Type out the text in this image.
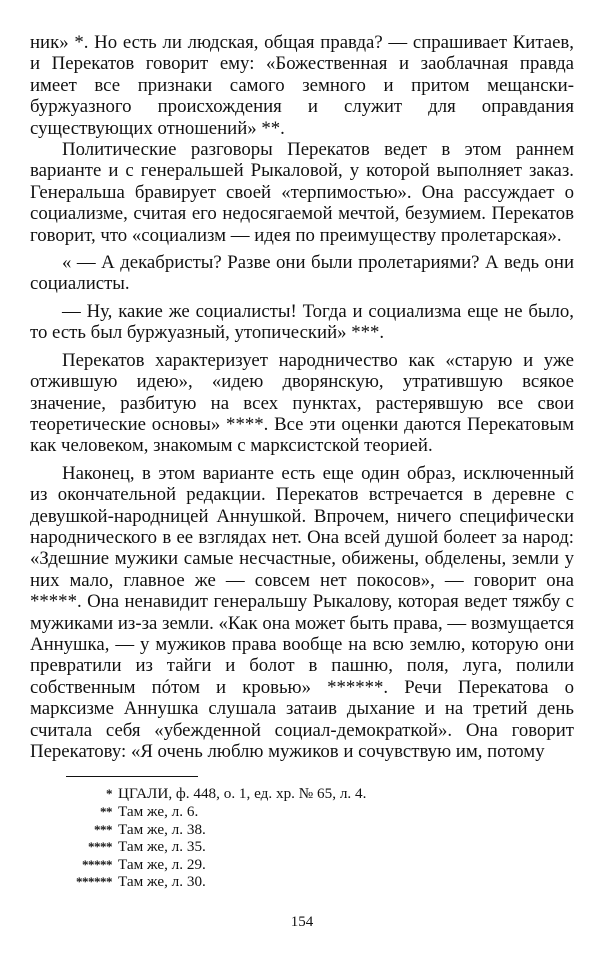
ник» *. Но есть ли людская, общая правда? — спрашивает Китаев, и Перекатов говорит ему: «Божественная и заоблачная правда имеет все признаки самого земного и притом мещански-буржуазного происхождения и служит для оправдания существующих отношений» **.

Политические разговоры Перекатов ведет в этом раннем варианте и с генеральшей Рыкаловой, у которой выполняет заказ. Генеральша бравирует своей «терпимостью». Она рассуждает о социализме, считая его недосягаемой мечтой, безумием. Перекатов говорит, что «социализм — идея по преимуществу пролетарская».

« — А декабристы? Разве они были пролетариями? А ведь они социалисты.

— Ну, какие же социалисты! Тогда и социализма еще не было, то есть был буржуазный, утопический» ***.

Перекатов характеризует народничество как «старую и уже отжившую идею», «идею дворянскую, утратившую всякое значение, разбитую на всех пунктах, растерявшую все свои теоретические основы» ****. Все эти оценки даются Перекатовым как человеком, знакомым с марксистской теорией.

Наконец, в этом варианте есть еще один образ, исключенный из окончательной редакции. Перекатов встречается в деревне с девушкой-народницей Аннушкой. Впрочем, ничего специфически народнического в ее взглядах нет. Она всей душой болеет за народ: «Здешние мужики самые несчастные, обижены, обделены, земли у них мало, главное же — совсем нет покосов», — говорит она *****. Она ненавидит генеральшу Рыкалову, которая ведет тяжбу с мужиками из-за земли. «Как она может быть права, — возмущается Аннушка, — у мужиков права вообще на всю землю, которую они превратили из тайги и болот в пашню, поля, луга, полили собственным пóтом и кровью» ******. Речи Перекатова о марксизме Аннушка слушала затаив дыхание и на третий день считала себя «убежденной социал-демократкой». Она говорит Перекатову: «Я очень люблю мужиков и сочувствую им, потому

* ЦГАЛИ, ф. 448, о. 1, ед. хр. № 65, л. 4.
** Там же, л. 6.
*** Там же, л. 38.
**** Там же, л. 35.
***** Там же, л. 29.
****** Там же, л. 30.
154
